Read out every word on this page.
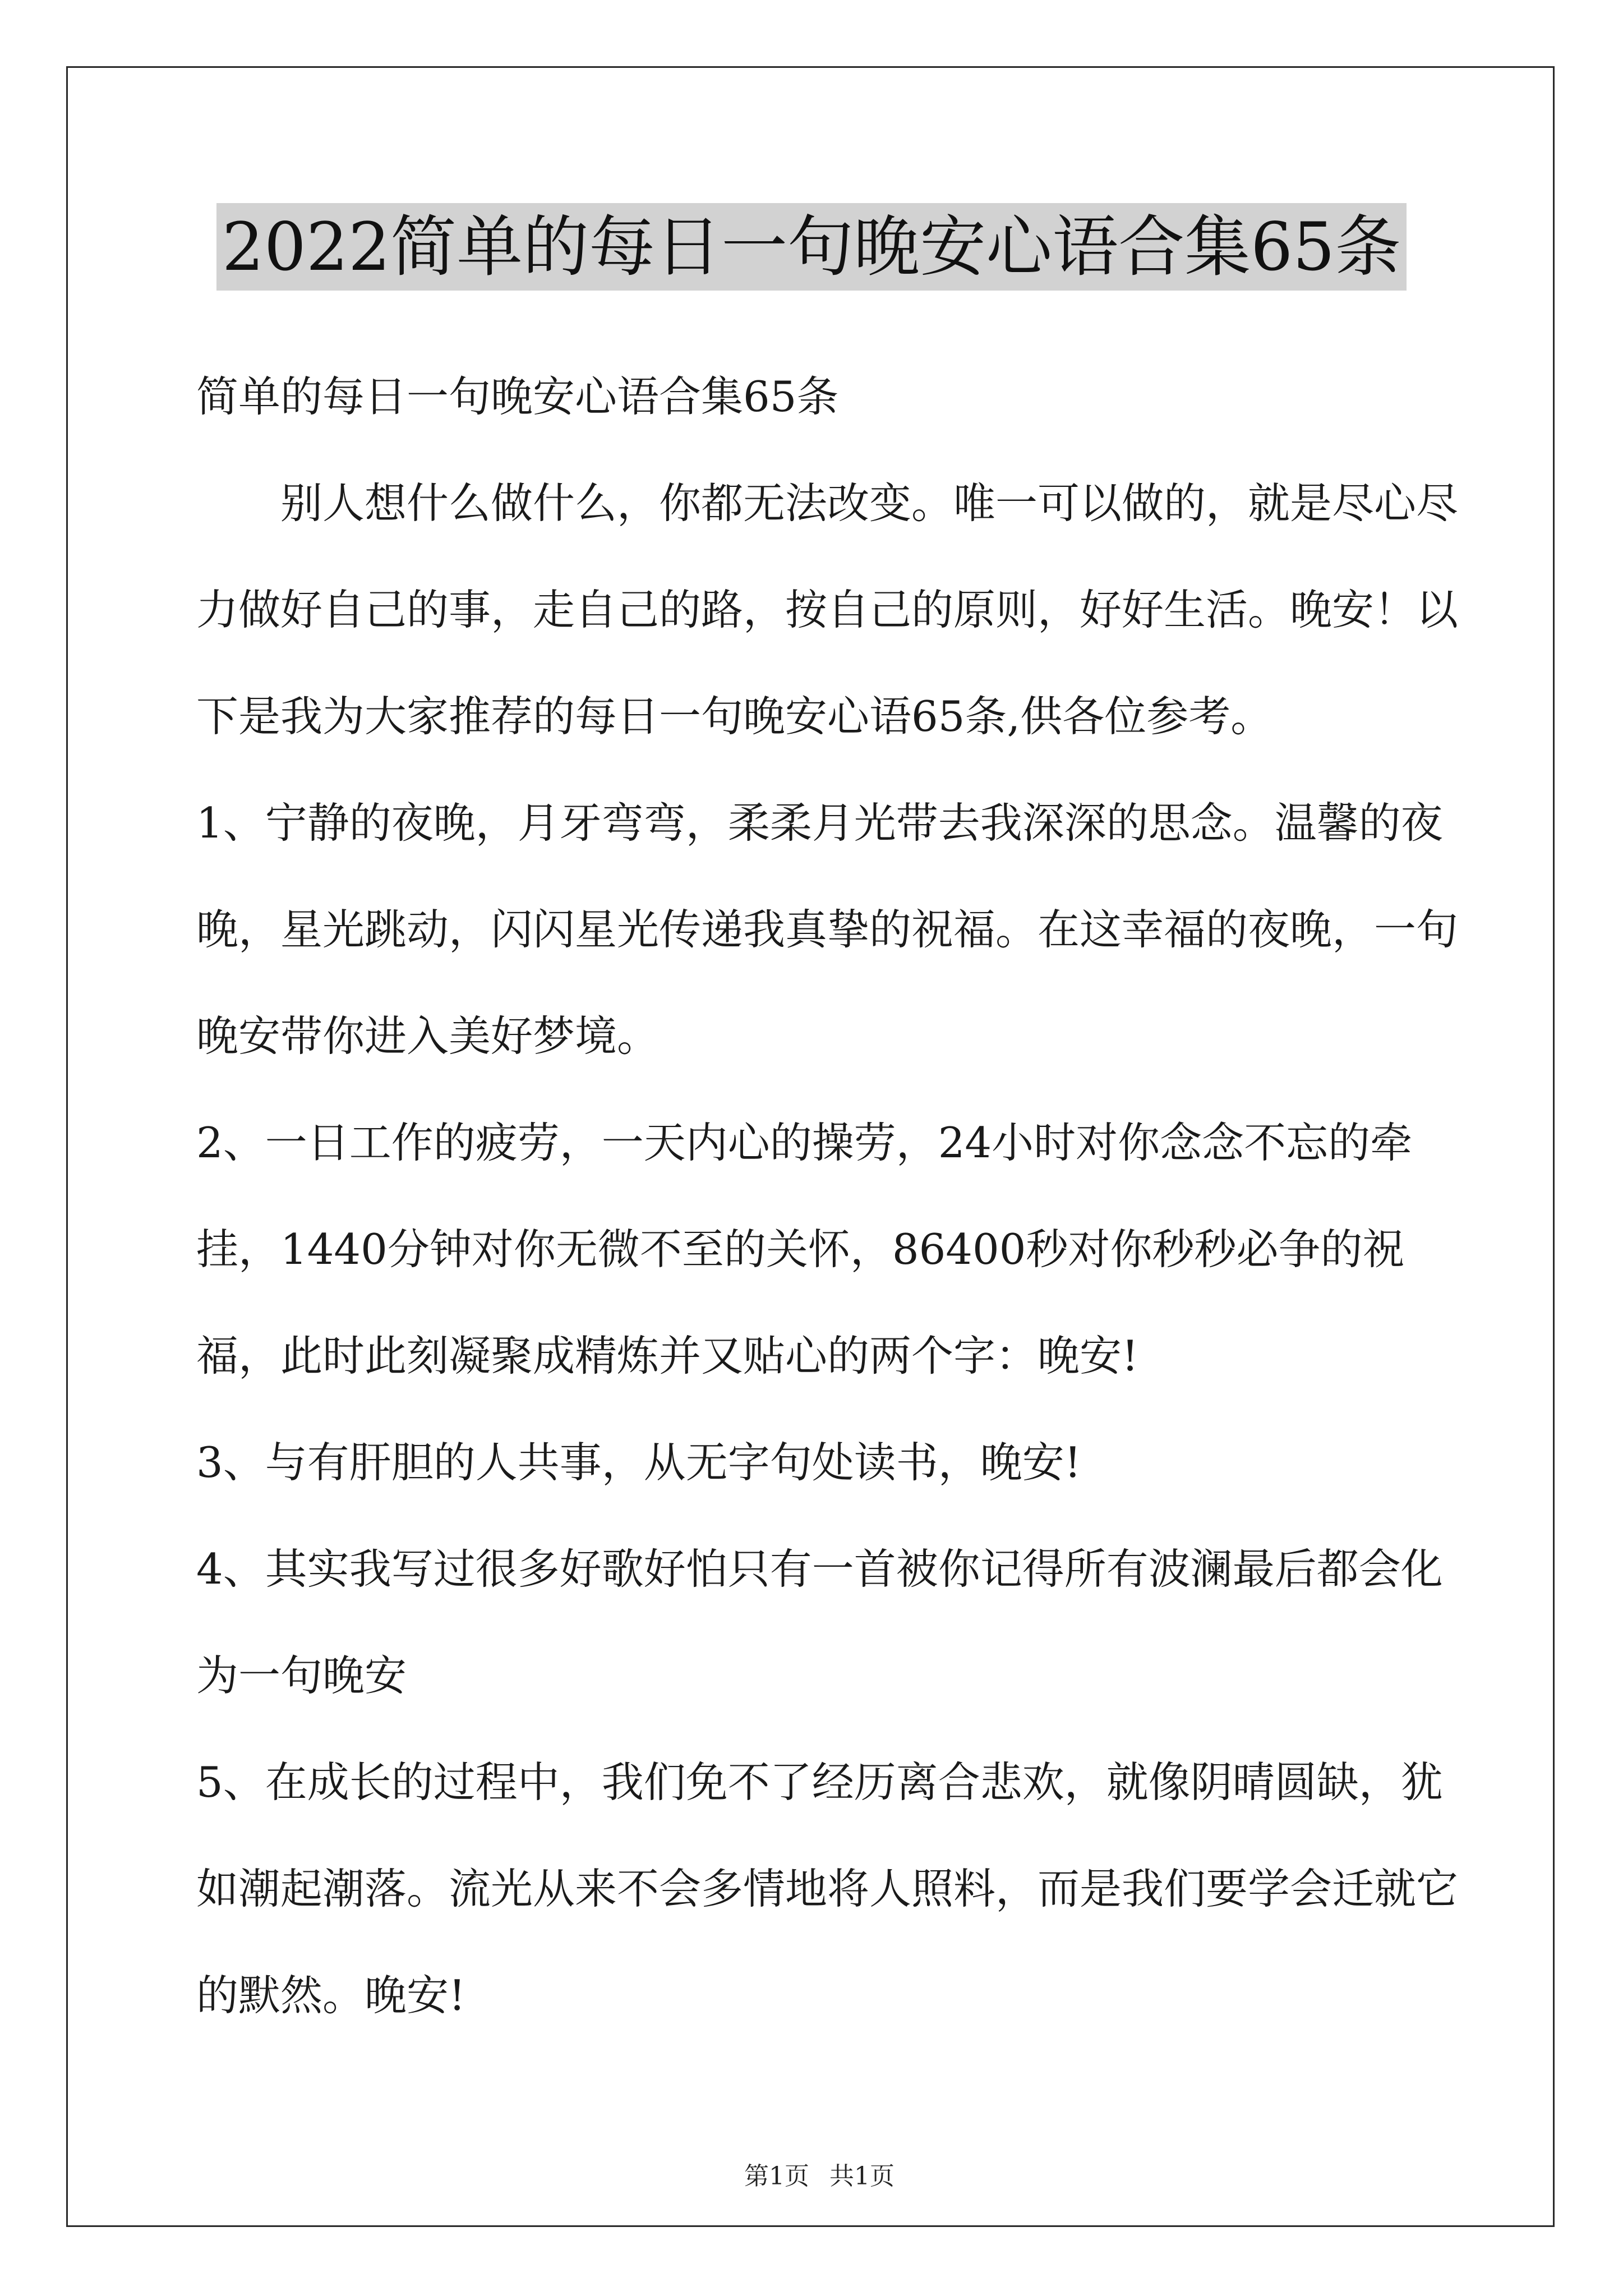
2022简单的每日一句晚安心语合集65条

简单的每日一句晚安心语合集65条

别人想什么做什么，你都无法改变。唯一可以做的，就是尽心尽力做好自己的事，走自己的路，按自己的原则，好好生活。晚安！以下是我为大家推荐的每日一句晚安心语65条,供各位参考。

1、宁静的夜晚，月牙弯弯，柔柔月光带去我深深的思念。温馨的夜晚，星光跳动，闪闪星光传递我真挚的祝福。在这幸福的夜晚，一句晚安带你进入美好梦境。

2、一日工作的疲劳，一天内心的操劳，24小时对你念念不忘的牵挂，1440分钟对你无微不至的关怀，86400秒对你秒秒必争的祝福，此时此刻凝聚成精炼并又贴心的两个字：晚安!

3、与有肝胆的人共事，从无字句处读书，晚安!

4、其实我写过很多好歌好怕只有一首被你记得所有波澜最后都会化为一句晚安

5、在成长的过程中，我们免不了经历离合悲欢，就像阴晴圆缺，犹如潮起潮落。流光从来不会多情地将人照料，而是我们要学会迁就它的默然。晚安!

第1页 共1页
